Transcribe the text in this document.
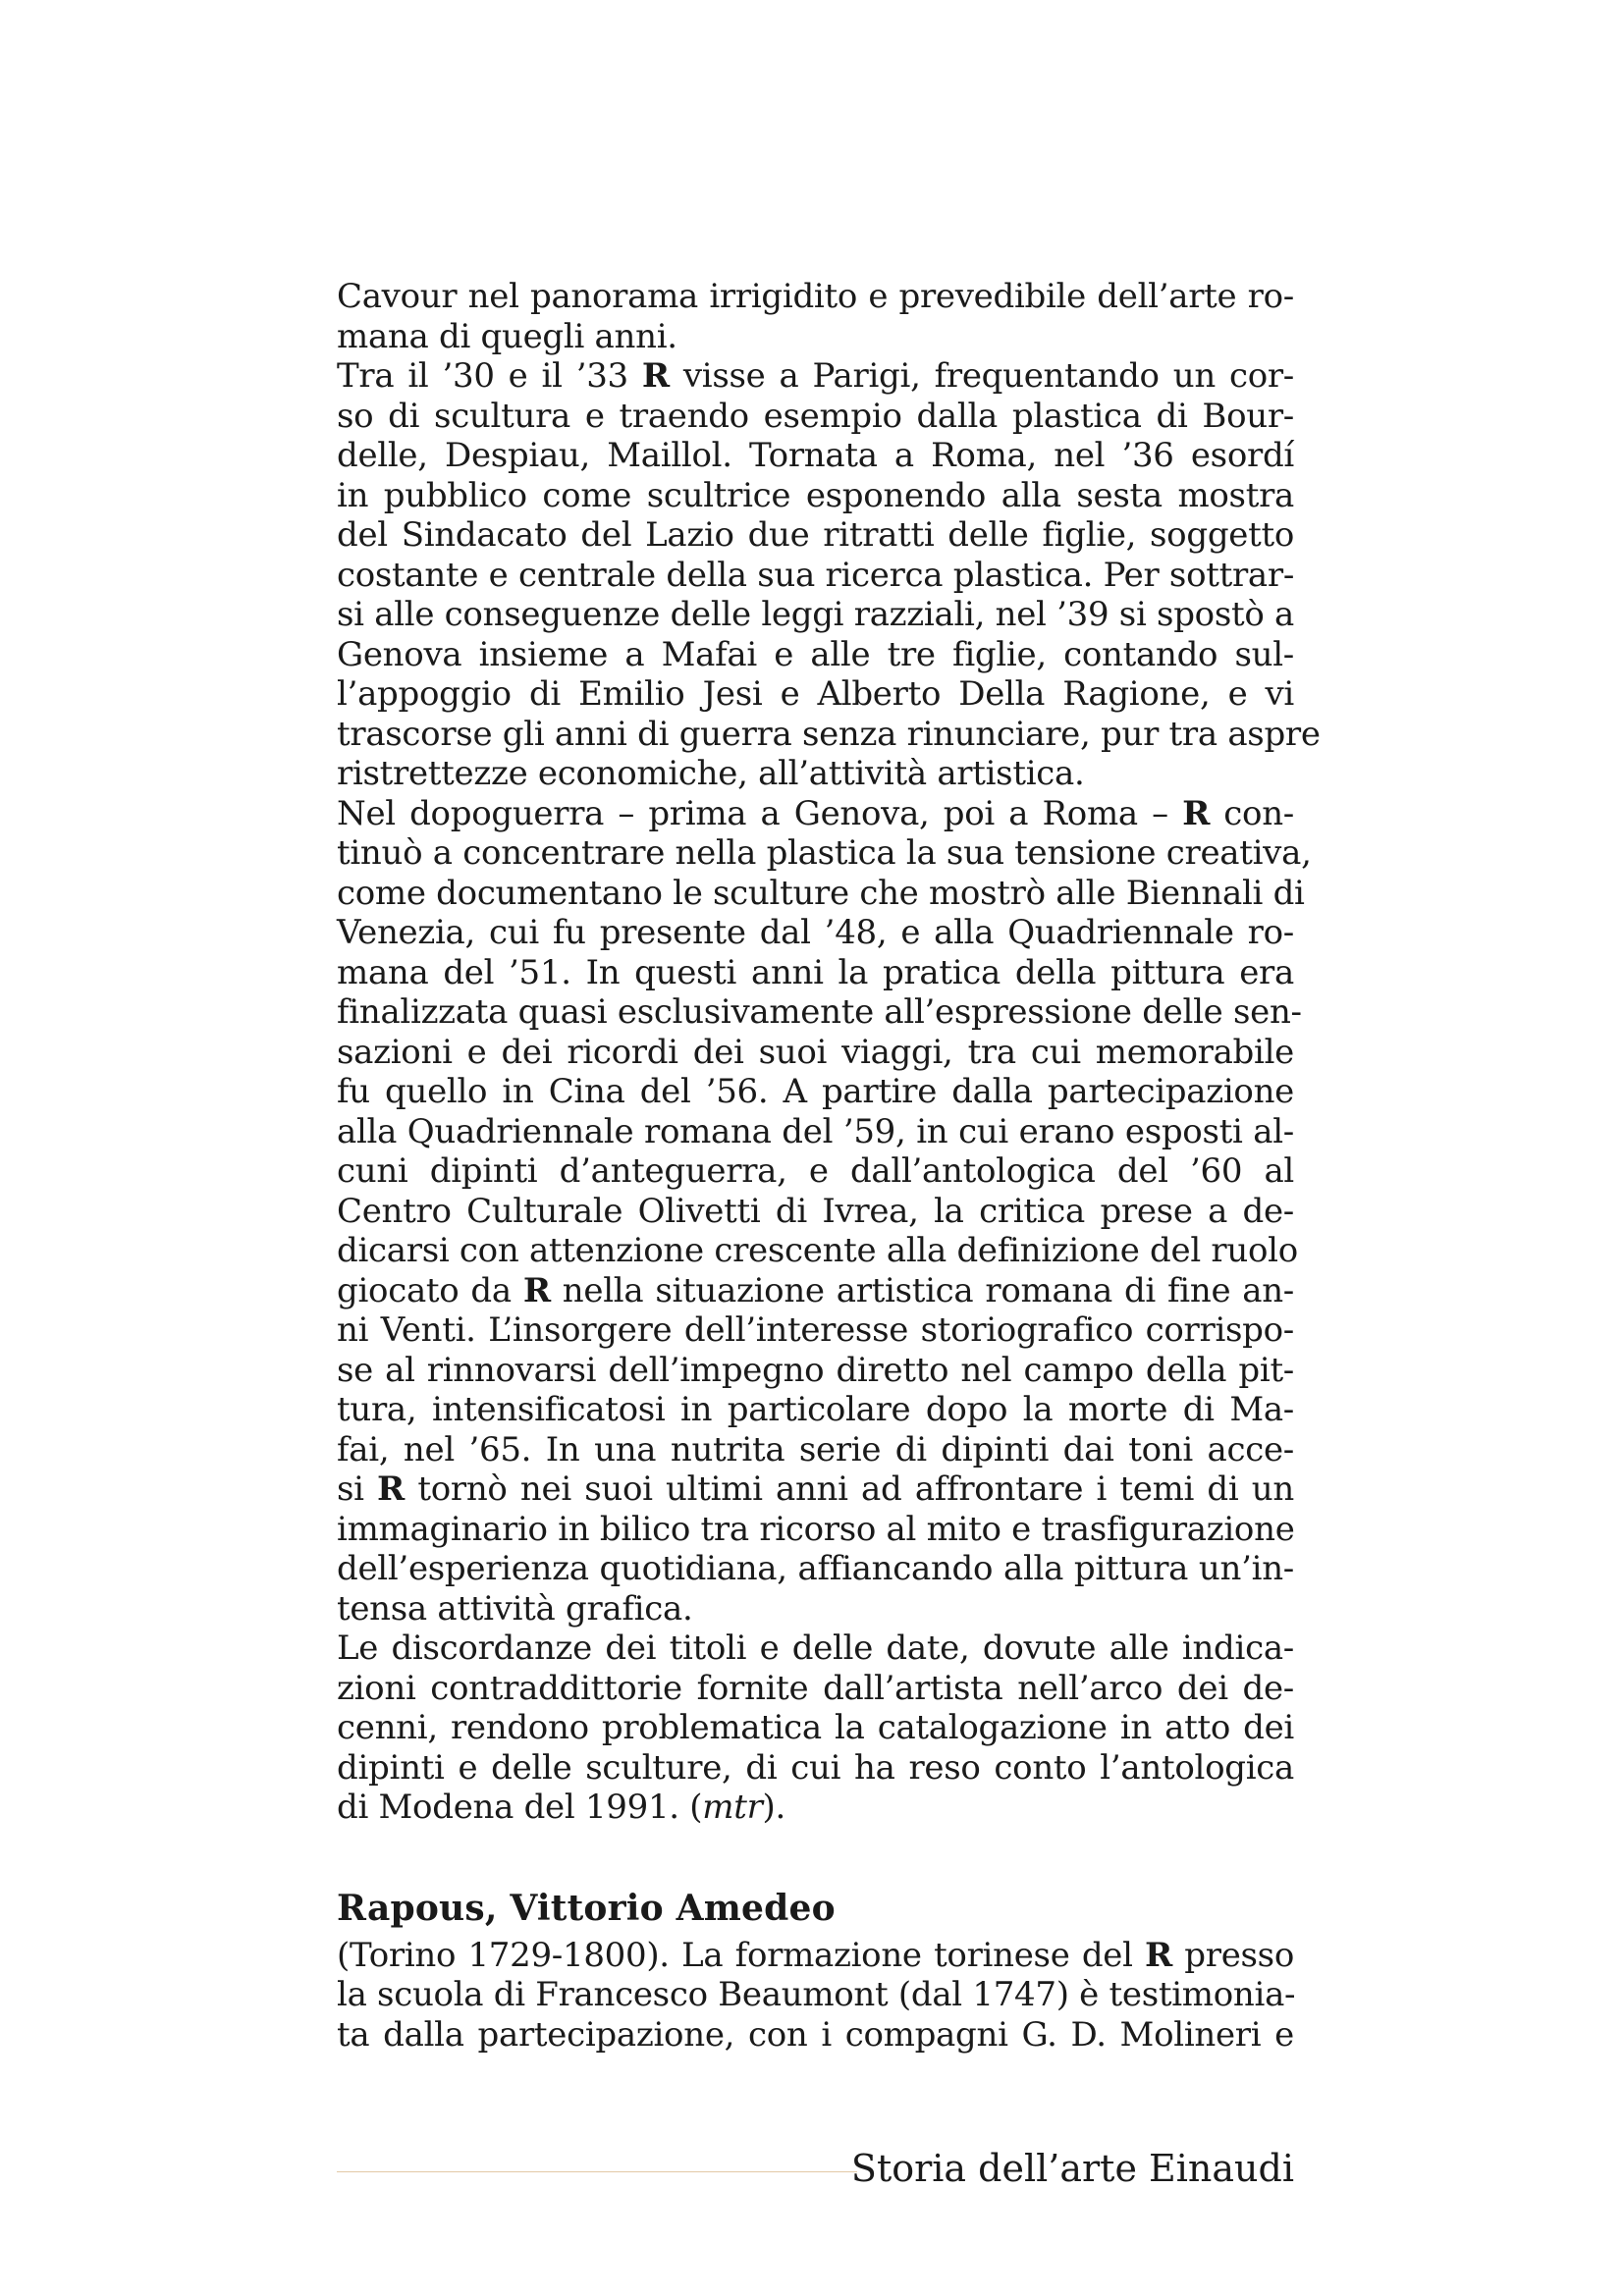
Cavour nel panorama irrigidito e prevedibile dell’arte ro-
mana di quegli anni.
Tra il ’30 e il ’33 R visse a Parigi, frequentando un cor-
so di scultura e traendo esempio dalla plastica di Bour-
delle, Despiau, Maillol. Tornata a Roma, nel ’36 esordí
in pubblico come scultrice esponendo alla sesta mostra
del Sindacato del Lazio due ritratti delle figlie, soggetto
costante e centrale della sua ricerca plastica. Per sottrar-
si alle conseguenze delle leggi razziali, nel ’39 si spostò a
Genova insieme a Mafai e alle tre figlie, contando sul-
l’appoggio di Emilio Jesi e Alberto Della Ragione, e vi
trascorse gli anni di guerra senza rinunciare, pur tra aspre
ristrettezze economiche, all’attività artistica.
Nel dopoguerra – prima a Genova, poi a Roma – R con-
tinuò a concentrare nella plastica la sua tensione creativa,
come documentano le sculture che mostrò alle Biennali di
Venezia, cui fu presente dal ’48, e alla Quadriennale ro-
mana del ’51. In questi anni la pratica della pittura era
finalizzata quasi esclusivamente all’espressione delle sen-
sazioni e dei ricordi dei suoi viaggi, tra cui memorabile
fu quello in Cina del ’56. A partire dalla partecipazione
alla Quadriennale romana del ’59, in cui erano esposti al-
cuni dipinti d’anteguerra, e dall’antologica del ’60 al
Centro Culturale Olivetti di Ivrea, la critica prese a de-
dicarsi con attenzione crescente alla definizione del ruolo
giocato da R nella situazione artistica romana di fine an-
ni Venti. L’insorgere dell’interesse storiografico corrispo-
se al rinnovarsi dell’impegno diretto nel campo della pit-
tura, intensificatosi in particolare dopo la morte di Ma-
fai, nel ’65. In una nutrita serie di dipinti dai toni acce-
si R tornò nei suoi ultimi anni ad affrontare i temi di un
immaginario in bilico tra ricorso al mito e trasfigurazione
dell’esperienza quotidiana, affiancando alla pittura un’in-
tensa attività grafica.
Le discordanze dei titoli e delle date, dovute alle indica-
zioni contraddittorie fornite dall’artista nell’arco dei de-
cenni, rendono problematica la catalogazione in atto dei
dipinti e delle sculture, di cui ha reso conto l’antologica
di Modena del 1991. (mtr).
Rapous, Vittorio Amedeo
(Torino 1729-1800). La formazione torinese del R presso
la scuola di Francesco Beaumont (dal 1747) è testimonia-
ta dalla partecipazione, con i compagni G. D. Molineri e
Storia dell’arte Einaudi
